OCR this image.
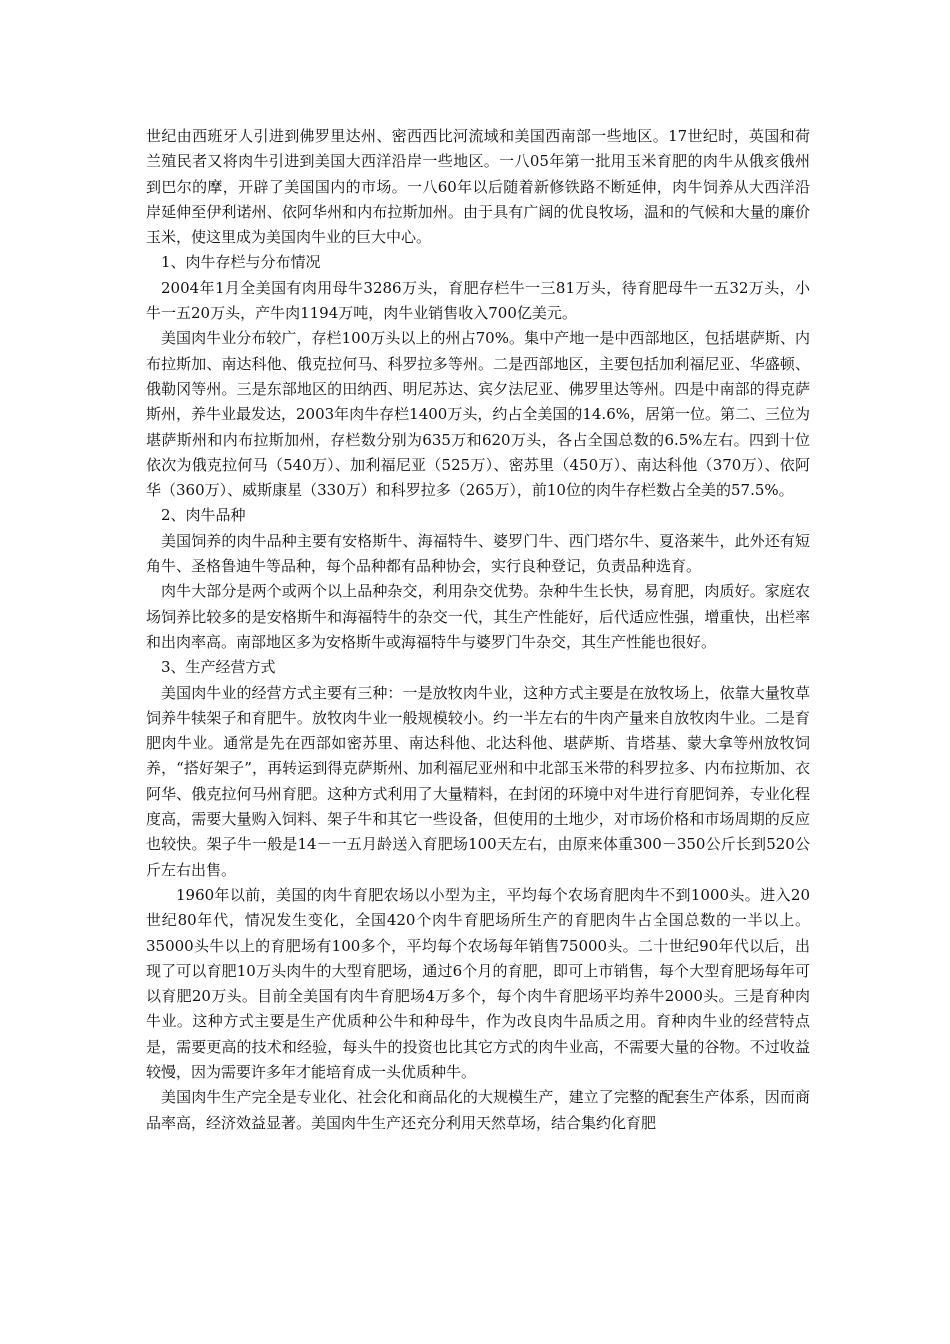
世纪由西班牙人引进到佛罗里达州、密西西比河流域和美国西南部一些地区。17世纪时，英国和荷兰殖民者又将肉牛引进到美国大西洋沿岸一些地区。一八05年第一批用玉米育肥的肉牛从俄亥俄州到巴尔的摩，开辟了美国国内的市场。一八60年以后随着新修铁路不断延伸，肉牛饲养从大西洋沿岸延伸至伊利诺州、依阿华州和内布拉斯加州。由于具有广阔的优良牧场，温和的气候和大量的廉价玉米，使这里成为美国肉牛业的巨大中心。

1、肉牛存栏与分布情况

2004年1月全美国有肉用母牛3286万头，育肥存栏牛一三81万头，待育肥母牛一五32万头，小牛一五20万头，产牛肉1194万吨，肉牛业销售收入700亿美元。

美国肉牛业分布较广，存栏100万头以上的州占70%。集中产地一是中西部地区，包括堪萨斯、内布拉斯加、南达科他、俄克拉何马、科罗拉多等州。二是西部地区，主要包括加利福尼亚、华盛顿、俄勒冈等州。三是东部地区的田纳西、明尼苏达、宾夕法尼亚、佛罗里达等州。四是中南部的得克萨斯州，养牛业最发达，2003年肉牛存栏1400万头，约占全美国的14.6%，居第一位。第二、三位为堪萨斯州和内布拉斯加州，存栏数分别为635万和620万头，各占全国总数的6.5%左右。四到十位依次为俄克拉何马（540万）、加利福尼亚（525万）、密苏里（450万）、南达科他（370万）、依阿华（360万）、威斯康星（330万）和科罗拉多（265万），前10位的肉牛存栏数占全美的57.5%。

2、肉牛品种

美国饲养的肉牛品种主要有安格斯牛、海福特牛、婆罗门牛、西门塔尔牛、夏洛莱牛，此外还有短角牛、圣格鲁迪牛等品种，每个品种都有品种协会，实行良种登记，负责品种选育。

肉牛大部分是两个或两个以上品种杂交，利用杂交优势。杂种牛生长快，易育肥，肉质好。家庭农场饲养比较多的是安格斯牛和海福特牛的杂交一代，其生产性能好，后代适应性强，增重快，出栏率和出肉率高。南部地区多为安格斯牛或海福特牛与婆罗门牛杂交，其生产性能也很好。

3、生产经营方式

美国肉牛业的经营方式主要有三种：一是放牧肉牛业，这种方式主要是在放牧场上，依靠大量牧草饲养牛犊架子和育肥牛。放牧肉牛业一般规模较小。约一半左右的牛肉产量来自放牧肉牛业。二是育肥肉牛业。通常是先在西部如密苏里、南达科他、北达科他、堪萨斯、肯塔基、蒙大拿等州放牧饲养，“搭好架子”，再转运到得克萨斯州、加利福尼亚州和中北部玉米带的科罗拉多、内布拉斯加、衣阿华、俄克拉何马州育肥。这种方式利用了大量精料，在封闭的环境中对牛进行育肥饲养，专业化程度高，需要大量购入饲料、架子牛和其它一些设备，但使用的土地少，对市场价格和市场周期的反应也较快。架子牛一般是14－一五月龄送入育肥场100天左右，由原来体重300－350公斤长到520公斤左右出售。

1960年以前，美国的肉牛育肥农场以小型为主，平均每个农场育肥肉牛不到1000头。进入20世纪80年代，情况发生变化，全国420个肉牛育肥场所生产的育肥肉牛占全国总数的一半以上。35000头牛以上的育肥场有100多个，平均每个农场每年销售75000头。二十世纪90年代以后，出现了可以育肥10万头肉牛的大型育肥场，通过6个月的育肥，即可上市销售，每个大型育肥场每年可以育肥20万头。目前全美国有肉牛育肥场4万多个，每个肉牛育肥场平均养牛2000头。三是育种肉牛业。这种方式主要是生产优质种公牛和种母牛，作为改良肉牛品质之用。育种肉牛业的经营特点是，需要更高的技术和经验，每头牛的投资也比其它方式的肉牛业高，不需要大量的谷物。不过收益较慢，因为需要许多年才能培育成一头优质种牛。

美国肉牛生产完全是专业化、社会化和商品化的大规模生产，建立了完整的配套生产体系，因而商品率高，经济效益显著。美国肉牛生产还充分利用天然草场，结合集约化育肥
